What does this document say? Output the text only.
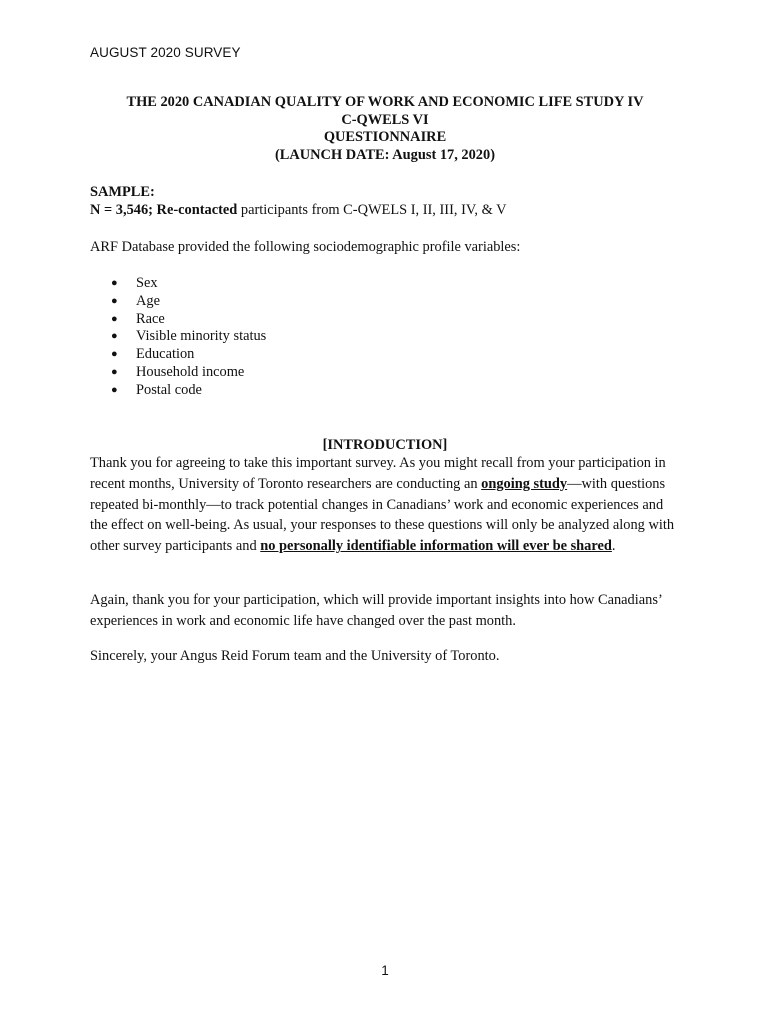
AUGUST 2020 SURVEY
THE 2020 CANADIAN QUALITY OF WORK AND ECONOMIC LIFE STUDY IV
C-QWELS VI
QUESTIONNAIRE
(LAUNCH DATE: August 17, 2020)
SAMPLE:
N = 3,546; Re-contacted participants from C-QWELS I, II, III, IV, & V
ARF Database provided the following sociodemographic profile variables:
● Sex
● Age
● Race
● Visible minority status
● Education
● Household income
● Postal code
[INTRODUCTION]

Thank you for agreeing to take this important survey. As you might recall from your participation in recent months, University of Toronto researchers are conducting an ongoing study—with questions repeated bi-monthly—to track potential changes in Canadians’ work and economic experiences and the effect on well-being. As usual, your responses to these questions will only be analyzed along with other survey participants and no personally identifiable information will ever be shared.

Again, thank you for your participation, which will provide important insights into how Canadians’ experiences in work and economic life have changed over the past month.

Sincerely, your Angus Reid Forum team and the University of Toronto.

1
